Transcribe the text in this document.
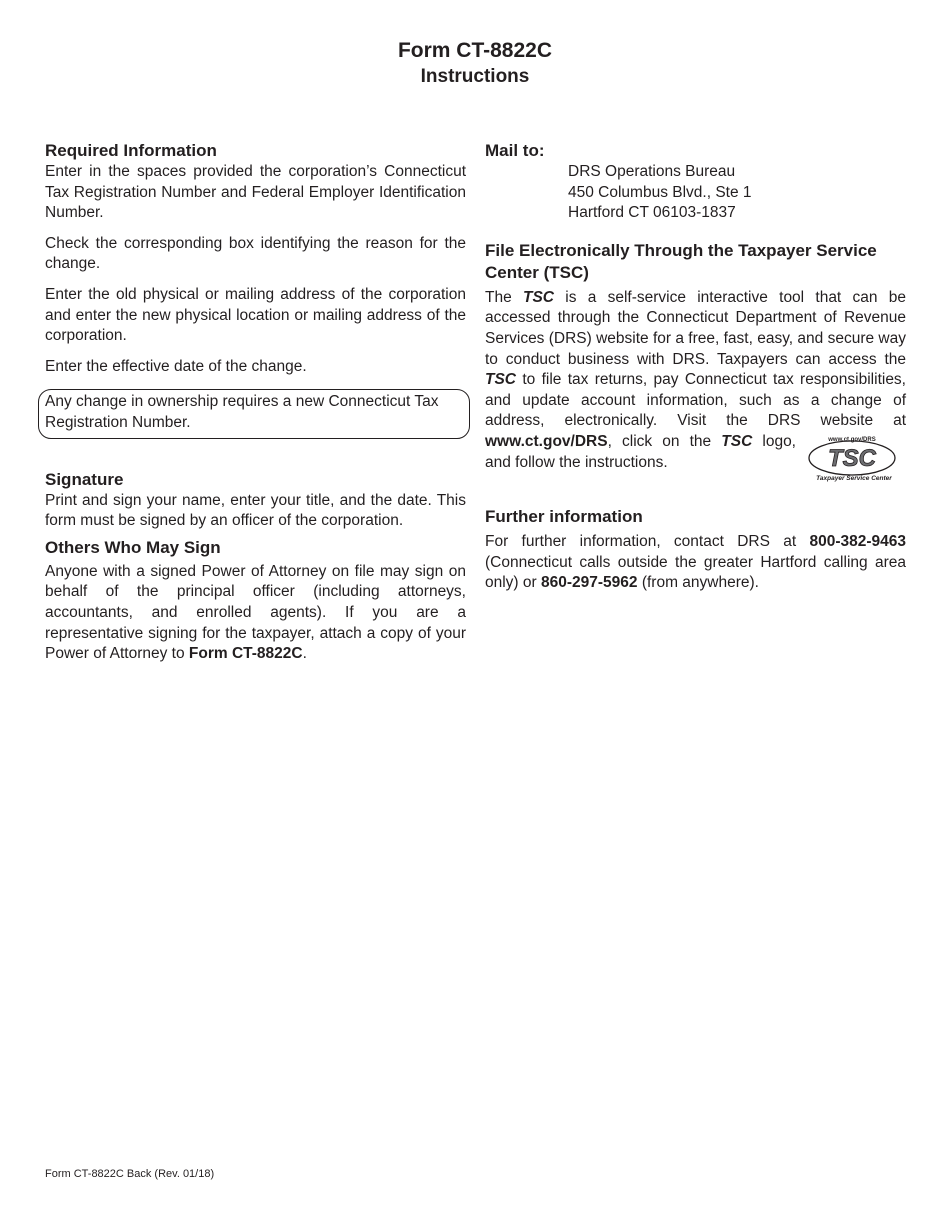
Form CT-8822C
Instructions
Required Information

Enter in the spaces provided the corporation’s Connecticut Tax Registration Number and Federal Employer Identification Number.

Check the corresponding box identifying the reason for the change.

Enter the old physical or mailing address of the corporation and enter the new physical location or mailing address of the corporation.

Enter the effective date of the change.

Any change in ownership requires a new Connecticut Tax Registration Number.

Signature

Print and sign your name, enter your title, and the date. This form must be signed by an officer of the corporation.

Others Who May Sign

Anyone with a signed Power of Attorney on file may sign on behalf of the principal officer (including attorneys, accountants, and enrolled agents). If you are a representative signing for the taxpayer, attach a copy of your Power of Attorney to Form CT-8822C.

Mail to:

DRS Operations Bureau

450 Columbus Blvd., Ste 1

Hartford CT 06103-1837

File Electronically Through the Taxpayer Service Center (TSC)

The TSC is a self-service interactive tool that can be accessed through the Connecticut Department of Revenue Services (DRS) website for a free, fast, easy, and secure way to conduct business with DRS. Taxpayers can access the TSC to file tax returns, pay Connecticut tax responsibilities, and update account information, such as a change of address, electronically. Visit the DRS website at
www.ct.gov/DRS
TSC
Taxpayer Service Center
www.ct.gov/DRS, click on the TSC logo, and follow the instructions.

Further information

For further information, contact DRS at 800-382-9463 (Connecticut calls outside the greater Hartford calling area only) or 860-297-5962 (from anywhere).

Form CT-8822C Back (Rev. 01/18)
